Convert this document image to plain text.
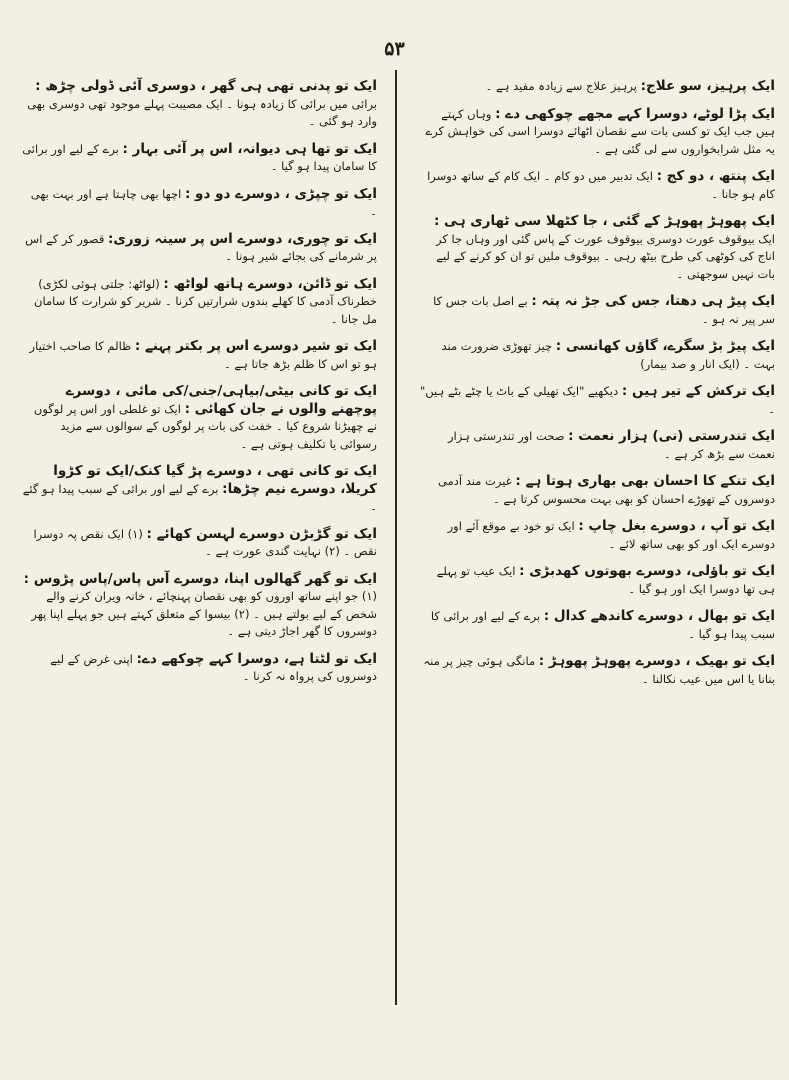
۵۳

ایک پرہیز، سو علاج: پرہیز علاج سے زیادہ مفید ہے ۔

ایک پڑا لوٹے، دوسرا کہے مجھے چوکھی دے : وہاں کہتے ہیں جب ایک تو کسی بات سے نقصان اٹھائے دوسرا اسی کی خواہش کرے یہ مثل شرابخواروں سے لی گئی ہے ۔

ایک پنتھ ، دو کج : ایک تدبیر میں دو کام ۔ ایک کام کے ساتھ دوسرا کام ہو جانا ۔

ایک پھوہڑ پھوہڑ کے گئی ، جا کٹھلا سی ٹھاری ہی : ایک بیوقوف عورت دوسری بیوقوف عورت کے پاس گئی اور وہاں جا کر اناج کی کوٹھی کی طرح بیٹھ رہی ۔ بیوقوف ملیں تو ان کو کرنے کے لیے بات نہیں سوجھتی ۔

ایک پیڑ ہی دھتا، جس کی جڑ نہ پتہ : بے اصل بات جس کا سر پیر نہ ہو ۔

ایک پیڑ بڑ سگرے، گاؤں کھانسی : چیز تھوڑی ضرورت مند بہت ۔ (ایک انار و صد بیمار)

ایک ترکش کے تیر ہیں : دیکھیے "ایک تھیلی کے باٹ یا چٹے بٹے ہیں" ۔

ایک تندرستی (نی) ہزار نعمت : صحت اور تندرستی ہزار نعمت سے بڑھ کر ہے ۔

ایک تنکے کا احسان بھی بھاری ہوتا ہے : غیرت مند آدمی دوسروں کے تھوڑے احسان کو بھی بہت محسوس کرتا ہے ۔

ایک تو آپ ، دوسرے بغل چاپ : ایک تو خود بے موقع آئے اور دوسرے ایک اور کو بھی ساتھ لائے ۔

ایک تو باؤلی، دوسرے بھوتوں کھدبڑی : ایک عیب تو پہلے ہی تھا دوسرا ایک اور ہو گیا ۔

ایک تو بھال ، دوسرے کاندھے کدال : برے کے لیے اور برائی کا سبب پیدا ہو گیا ۔

ایک تو بھیک ، دوسرے پھوہڑ پھوہڑ : مانگی ہوئی چیز پر منہ بنانا یا اس میں عیب نکالنا ۔

ایک تو پدنی تھی ہی گھر ، دوسری آئی ڈولی چڑھ : برائی میں برائی کا زیادہ ہونا ۔ ایک مصیبت پہلے موجود تھی دوسری بھی وارد ہو گئی ۔

ایک تو تھا ہی دیوانہ، اس پر آئی بہار : برے کے لیے اور برائی کا سامان پیدا ہو گیا ۔

ایک تو چپڑی ، دوسرے دو دو : اچھا بھی چاہتا ہے اور بہت بھی ۔

ایک تو چوری، دوسرے اس پر سینہ زوری: قصور کر کے اس پر شرمانے کی بجائے شیر ہونا ۔

ایک تو ڈائن، دوسرے ہاتھ لواٹھ : (لواٹھ: جلتی ہوئی لکڑی) خطرناک آدمی کا کھلے بندوں شرارتیں کرنا ۔ شریر کو شرارت کا سامان مل جانا ۔

ایک تو شیر دوسرے اس پر بکتر پہنے : ظالم کا صاحب اختیار ہو تو اس کا ظلم بڑھ جاتا ہے ۔

ایک تو کانی بیٹی/بیاہی/جنی/کی مائی ، دوسرے پوچھنے والوں نے جان کھائی : ایک تو غلطی اور اس پر لوگوں نے چھیڑنا شروع کیا ۔ خفت کی بات پر لوگوں کے سوالوں سے مزید رسوائی یا تکلیف ہوتی ہے ۔

ایک تو کانی تھی ، دوسرے پڑ گیا کنک/ایک تو کڑوا کریلا، دوسرے نیم چڑھا: برے کے لیے اور برائی کے سبب پیدا ہو گئے ۔

ایک تو گڑبڑن دوسرے لہسن کھائے : (۱) ایک نقص پہ دوسرا نقص ۔ (۲) نہایت گندی عورت ہے ۔

ایک تو گھر گھالوں اپنا، دوسرے آس پاس/پاس پڑوس : (۱) جو اپنے ساتھ اوروں کو بھی نقصان پہنچائے ، خانہ ویران کرنے والے شخص کے لیے بولتے ہیں ۔ (۲) بیسوا کے متعلق کہتے ہیں جو پہلے اپنا پھر دوسروں کا گھر اجاڑ دیتی ہے ۔

ایک تو لٹتا ہے، دوسرا کہے چوکھے دے: اپنی غرض کے لیے دوسروں کی پرواہ نہ کرنا ۔
